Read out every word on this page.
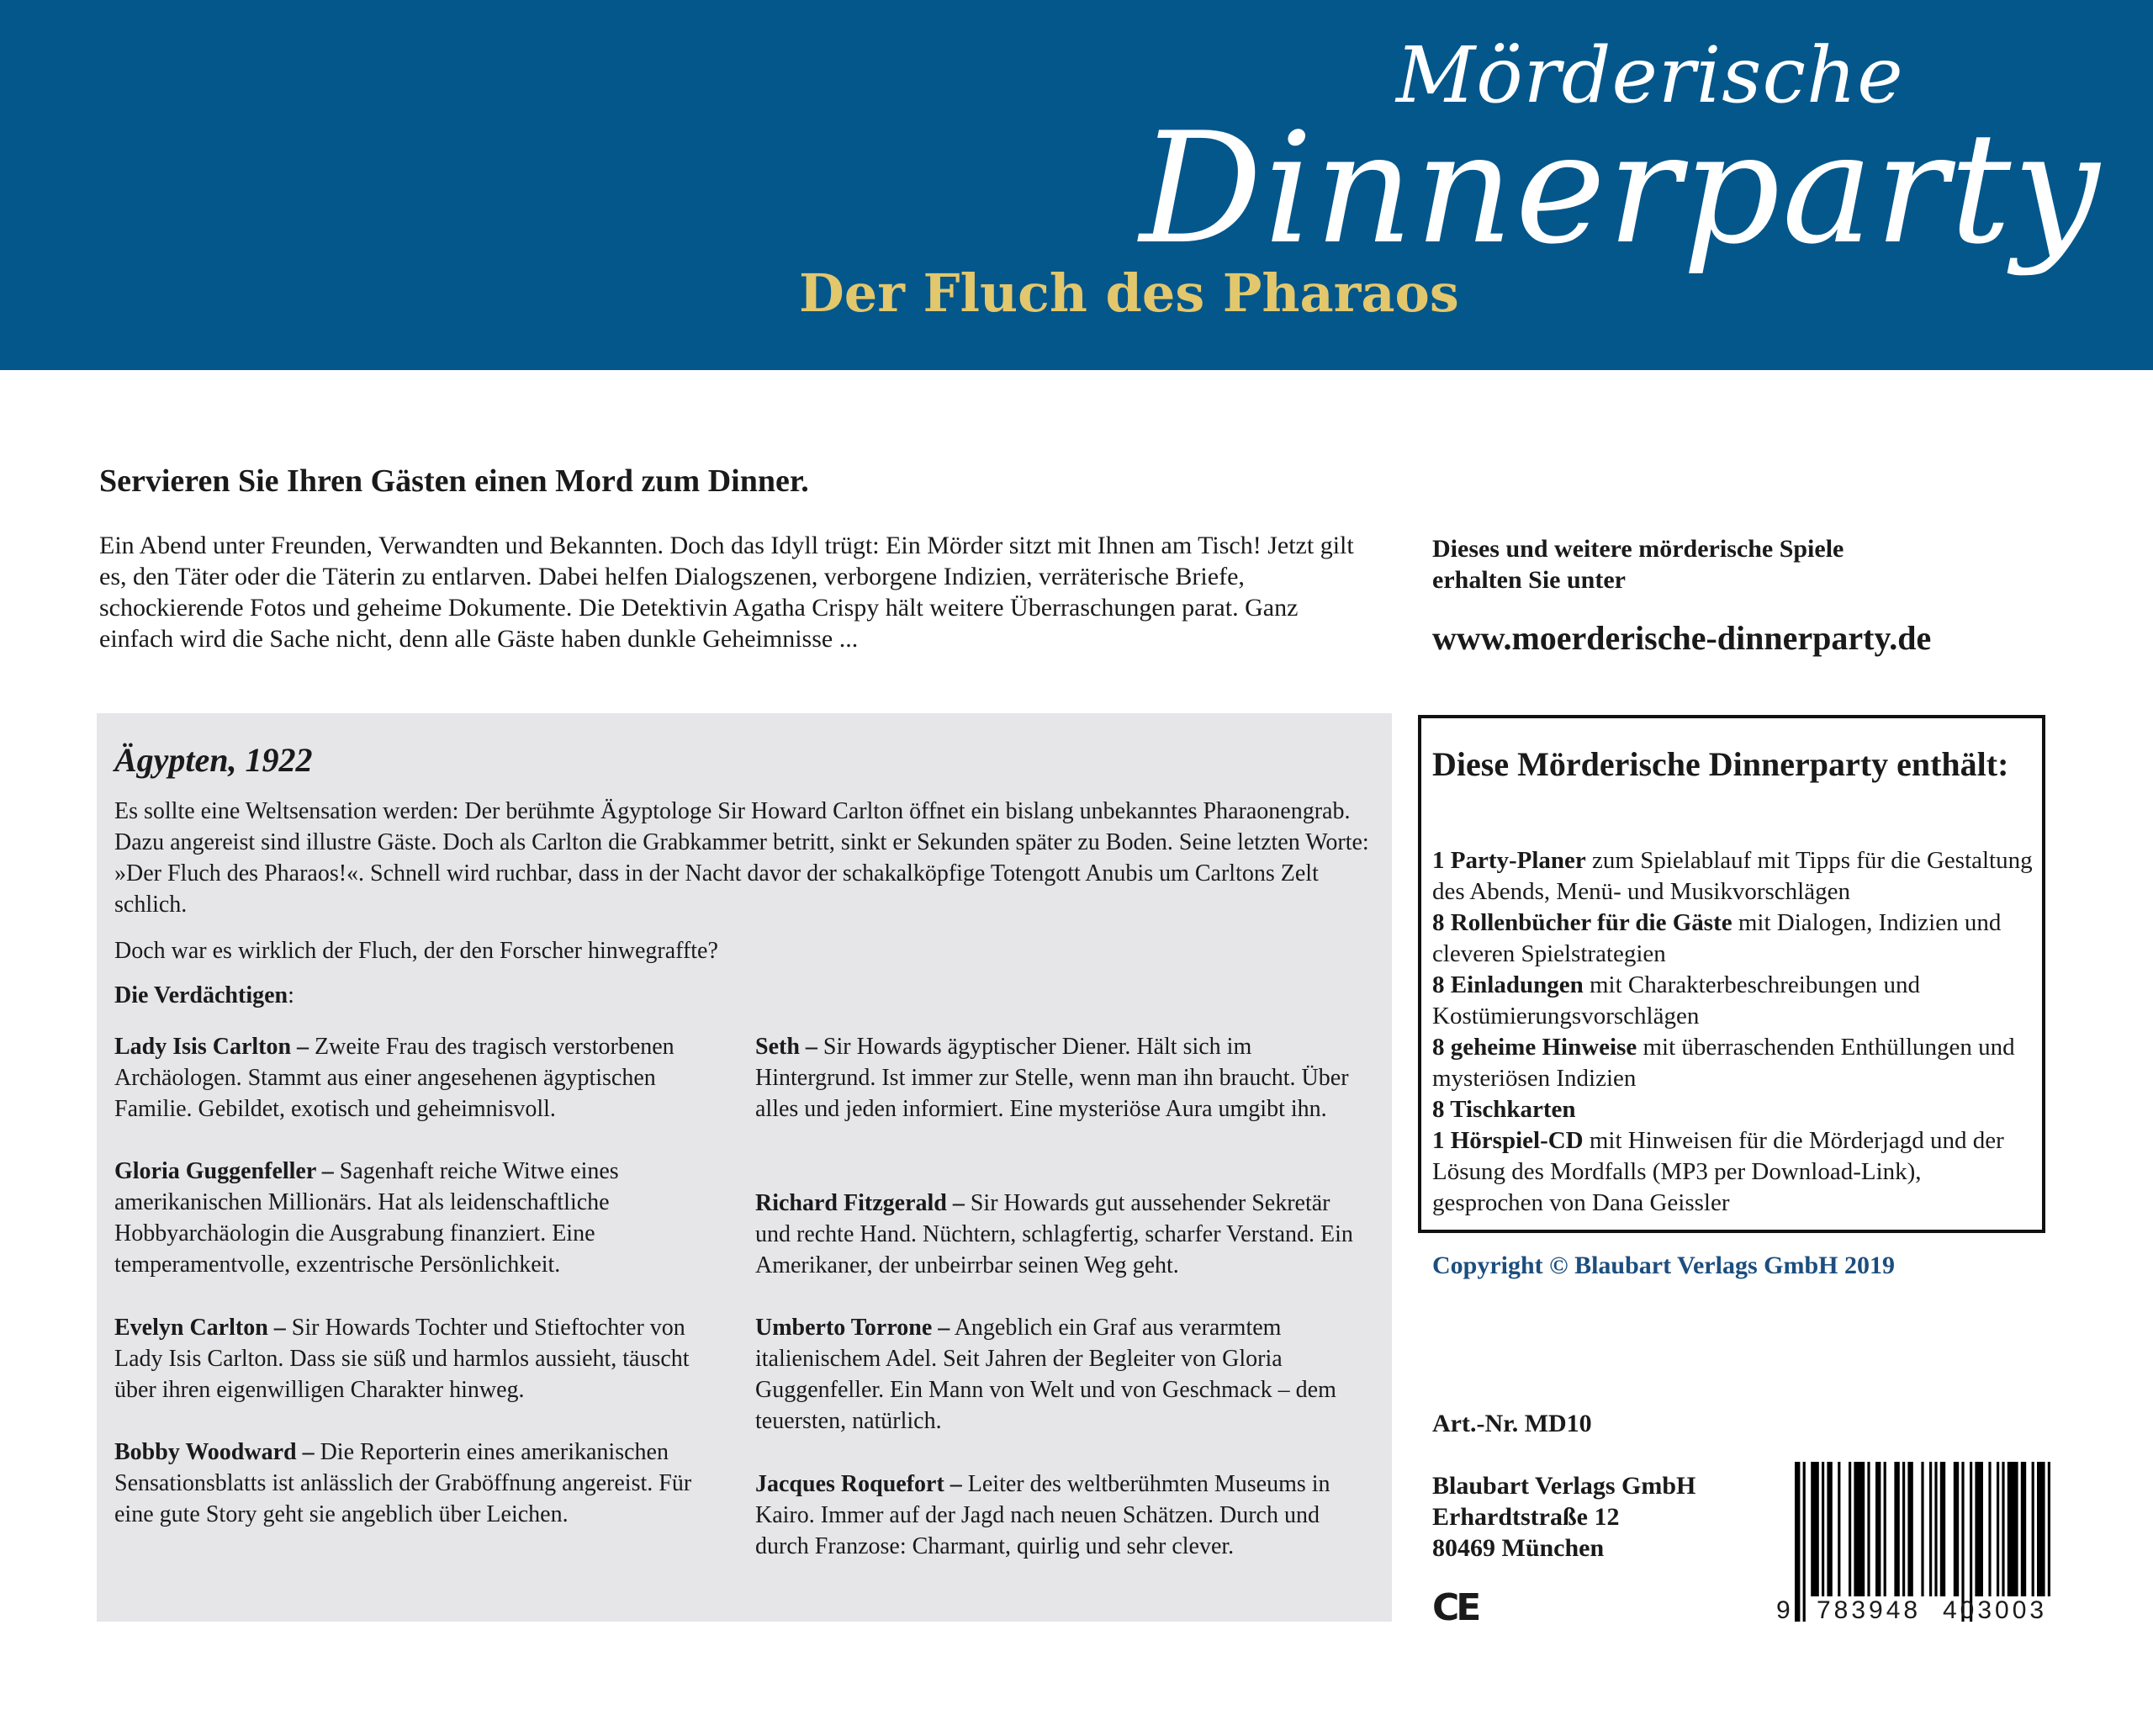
Mörderische
Dinnerparty
Der Fluch des Pharaos
Servieren Sie Ihren Gästen einen Mord zum Dinner.

Ein Abend unter Freunden, Verwandten und Bekannten. Doch das Idyll trügt: Ein Mörder sitzt mit Ihnen am Tisch! Jetzt gilt es, den Täter oder die Täterin zu entlarven. Dabei helfen Dialogszenen, verborgene Indizien, verräterische Briefe, schockierende Fotos und geheime Dokumente. Die Detektivin Agatha Crispy hält weitere Überraschungen parat. Ganz einfach wird die Sache nicht, denn alle Gäste haben dunkle Geheimnisse ...

Dieses und weitere mörderische Spiele
erhalten Sie unter
www.moerderische-dinnerparty.de
Ägypten, 1922

Es sollte eine Weltsensation werden: Der berühmte Ägyptologe Sir Howard Carlton öffnet ein bislang unbekanntes Pharaonengrab. Dazu angereist sind illustre Gäste. Doch als Carlton die Grabkammer betritt, sinkt er Sekunden später zu Boden. Seine letzten Worte: »Der Fluch des Pharaos!«. Schnell wird ruchbar, dass in der Nacht davor der schakalköpfige Totengott Anubis um Carltons Zelt schlich.

Doch war es wirklich der Fluch, der den Forscher hinwegraffte?

Die Verdächtigen:

Lady Isis Carlton – Zweite Frau des tragisch verstorbenen Archäologen. Stammt aus einer angesehenen ägyptischen Familie. Gebildet, exotisch und geheimnisvoll.

Gloria Guggenfeller – Sagenhaft reiche Witwe eines amerikanischen Millionärs. Hat als leidenschaftliche Hobbyarchäologin die Ausgrabung finanziert. Eine temperamentvolle, exzentrische Persönlichkeit.

Evelyn Carlton – Sir Howards Tochter und Stieftochter von Lady Isis Carlton. Dass sie süß und harmlos aussieht, täuscht über ihren eigenwilligen Charakter hinweg.

Bobby Woodward – Die Reporterin eines amerikanischen Sensationsblatts ist anlässlich der Graböffnung angereist. Für eine gute Story geht sie angeblich über Leichen.

Seth – Sir Howards ägyptischer Diener. Hält sich im Hintergrund. Ist immer zur Stelle, wenn man ihn braucht. Über alles und jeden informiert. Eine mysteriöse Aura umgibt ihn.

Richard Fitzgerald – Sir Howards gut aussehender Sekretär und rechte Hand. Nüchtern, schlagfertig, scharfer Verstand. Ein Amerikaner, der unbeirrbar seinen Weg geht.

Umberto Torrone – Angeblich ein Graf aus verarmtem italienischem Adel. Seit Jahren der Begleiter von Gloria Guggenfeller. Ein Mann von Welt und von Geschmack – dem teuersten, natürlich.

Jacques Roquefort – Leiter des weltberühmten Museums in Kairo. Immer auf der Jagd nach neuen Schätzen. Durch und durch Franzose: Charmant, quirlig und sehr clever.

Diese Mörderische Dinnerparty enthält:
1 Party-Planer zum Spielablauf mit Tipps für die Gestaltung des Abends, Menü- und Musikvorschlägen
8 Rollenbücher für die Gäste mit Dialogen, Indizien und cleveren Spielstrategien
8 Einladungen mit Charakterbeschreibungen und Kostümierungsvorschlägen
8 geheime Hinweise mit überraschenden Enthüllungen und mysteriösen Indizien
8 Tischkarten
1 Hörspiel-CD mit Hinweisen für die Mörderjagd und der Lösung des Mordfalls (MP3 per Download-Link), gesprochen von Dana Geissler
Copyright © Blaubart Verlags GmbH 2019
Art.-Nr. MD10
Blaubart Verlags GmbH
Erhardtstraße 12
80469 München
CE	9 783948 403003
